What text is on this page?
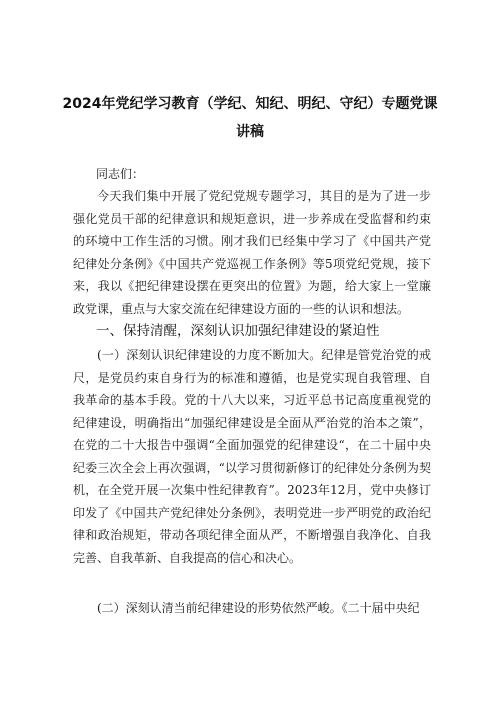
2024年党纪学习教育（学纪、知纪、明纪、守纪）专题党课讲稿

同志们：

今天我们集中开展了党纪党规专题学习，其目的是为了进一步强化党员干部的纪律意识和规矩意识，进一步养成在受监督和约束的环境中工作生活的习惯。刚才我们已经集中学习了《中国共产党纪律处分条例》《中国共产党巡视工作条例》等5项党纪党规，接下来，我以《把纪律建设摆在更突出的位置》为题，给大家上一堂廉政党课，重点与大家交流在纪律建设方面的一些的认识和想法。

一、保持清醒，深刻认识加强纪律建设的紧迫性

(一）深刻认识纪律建设的力度不断加大。纪律是管党治党的戒尺，是党员约束自身行为的标准和遵循，也是党实现自我管理、自我革命的基本手段。党的十八大以来，习近平总书记高度重视党的纪律建设，明确指出“加强纪律建设是全面从严治党的治本之策”，在党的二十大报告中强调“全面加强党的纪律建设“，在二十届中央纪委三次全会上再次强调，“以学习贯彻新修订的纪律处分条例为契机，在全党开展一次集中性纪律教育”。2023年12月，党中央修订印发了《中国共产党纪律处分条例》，表明党进一步严明党的政治纪律和政治规矩，带动各项纪律全面从严，不断增强自我净化、自我完善、自我革新、自我提高的信心和决心。

(二）深刻认清当前纪律建设的形势依然严峻。《二十届中央纪
